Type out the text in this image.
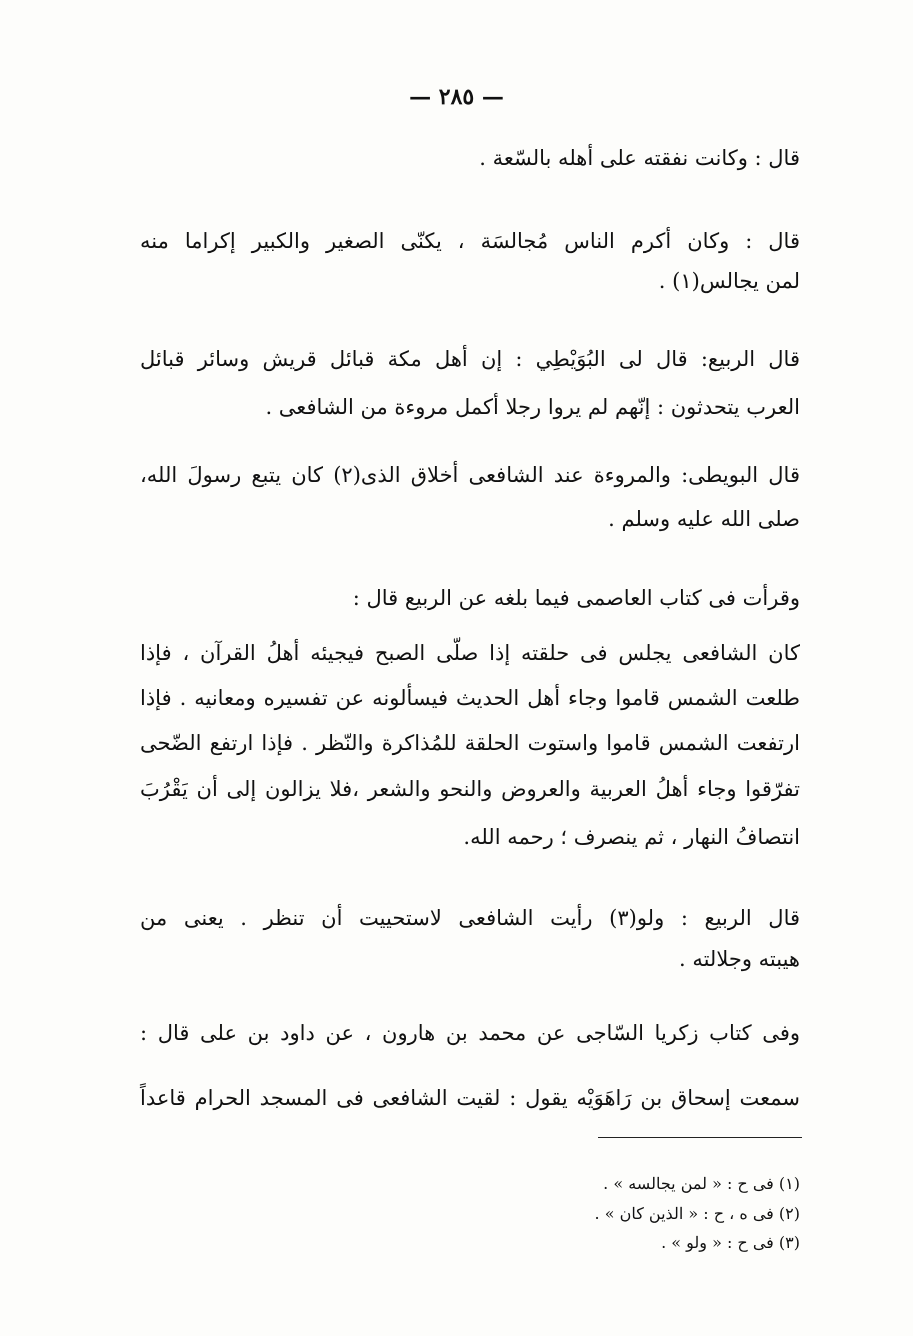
— ٢٨٥ —
قال : وكانت نفقته على أهله بالسّعة .
قال : وكان أكرم الناس مُجالسَة ، يكنّى الصغير والكبير إكراما منه
لمن يجالس(١) .
قال الربيع: قال لى البُوَيْطِي : إن أهل مكة قبائل قريش وسائر قبائل
العرب يتحدثون : إنّهم لم يروا رجلا أكمل مروءة من الشافعى .
قال البويطى: والمروءة عند الشافعى أخلاق الذى(٢) كان يتبع رسولَ الله،
صلى الله عليه وسلم .
وقرأت فى كتاب العاصمى فيما بلغه عن الربيع قال :
كان الشافعى يجلس فى حلقته إذا صلّى الصبح فيجيئه أهلُ القرآن ، فإذا
طلعت الشمس قاموا وجاء أهل الحديث فيسألونه عن تفسيره ومعانيه . فإذا
ارتفعت الشمس قاموا واستوت الحلقة للمُذاكرة والنّظر . فإذا ارتفع الضّحى
تفرّقوا وجاء أهلُ العربية والعروض والنحو والشعر ،فلا يزالون إلى أن يَقْرُبَ
انتصافُ النهار ، ثم ينصرف ؛ رحمه الله.
قال الربيع : ولو(٣) رأيت الشافعى لاستحييت أن تنظر . يعنى من
هيبته وجلالته .
وفى كتاب زكريا السّاجى عن محمد بن هارون ، عن داود بن على قال :
سمعت إسحاق بن رَاهَوَيْه يقول : لقيت الشافعى فى المسجد الحرام قاعداً
(١) فى ح : « لمن يجالسه » .
(٢) فى ه ، ح : « الذين كان » .
(٣) فى ح : « ولو » .
